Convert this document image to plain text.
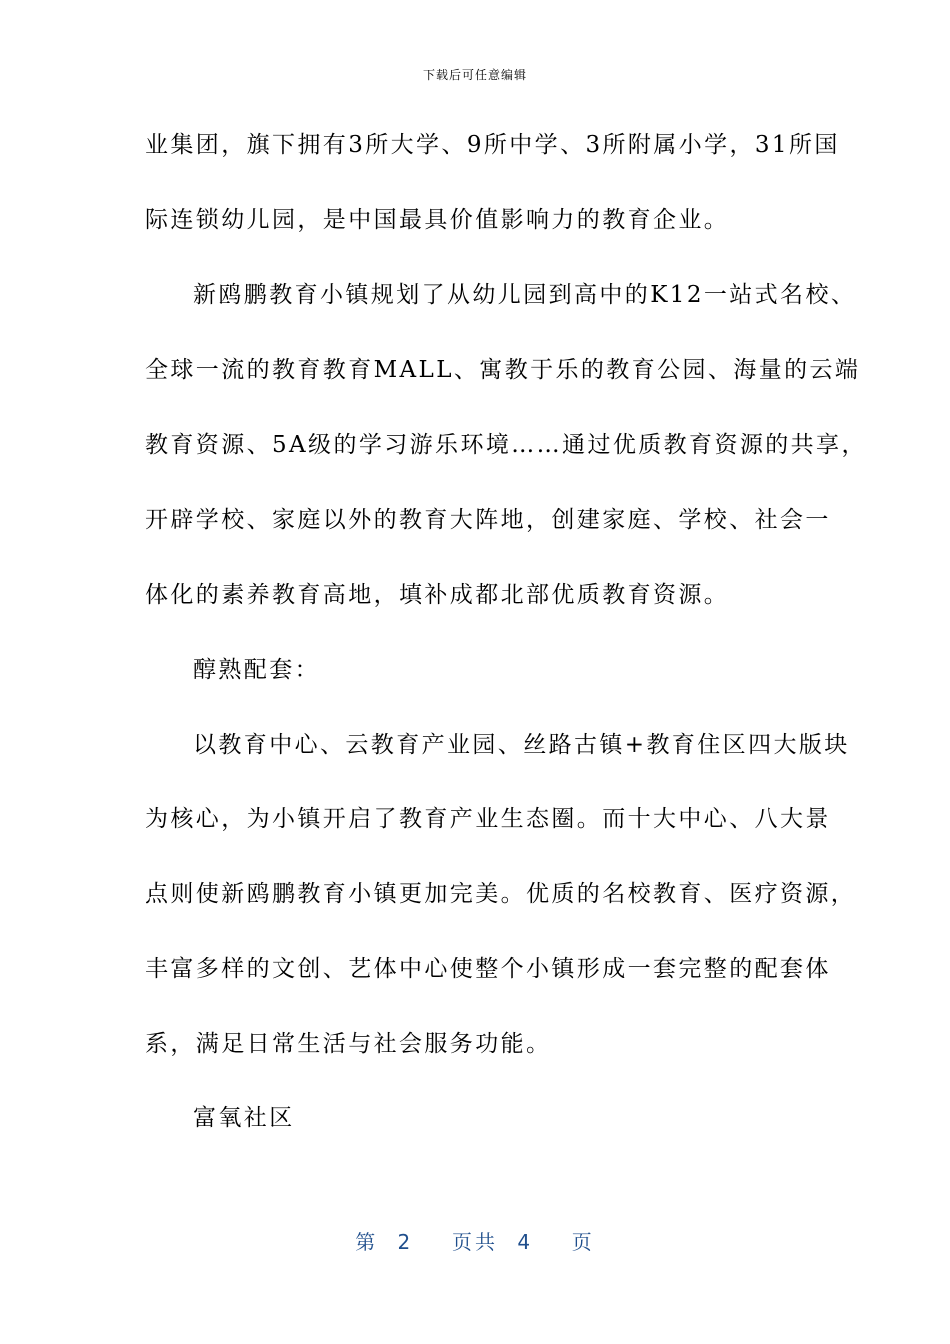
下载后可任意编辑
业集团，旗下拥有3所大学、9所中学、3所附属小学，31所国
际连锁幼儿园，是中国最具价值影响力的教育企业。
新鸥鹏教育小镇规划了从幼儿园到高中的K12一站式名校、
全球一流的教育教育MALL、寓教于乐的教育公园、海量的云端
教育资源、5A级的学习游乐环境……通过优质教育资源的共享，
开辟学校、家庭以外的教育大阵地，创建家庭、学校、社会一
体化的素养教育高地，填补成都北部优质教育资源。
醇熟配套：
以教育中心、云教育产业园、丝路古镇+教育住区四大版块
为核心，为小镇开启了教育产业生态圈。而十大中心、八大景
点则使新鸥鹏教育小镇更加完美。优质的名校教育、医疗资源，
丰富多样的文创、艺体中心使整个小镇形成一套完整的配套体
系，满足日常生活与社会服务功能。
富氧社区
第 2  页共 4  页
